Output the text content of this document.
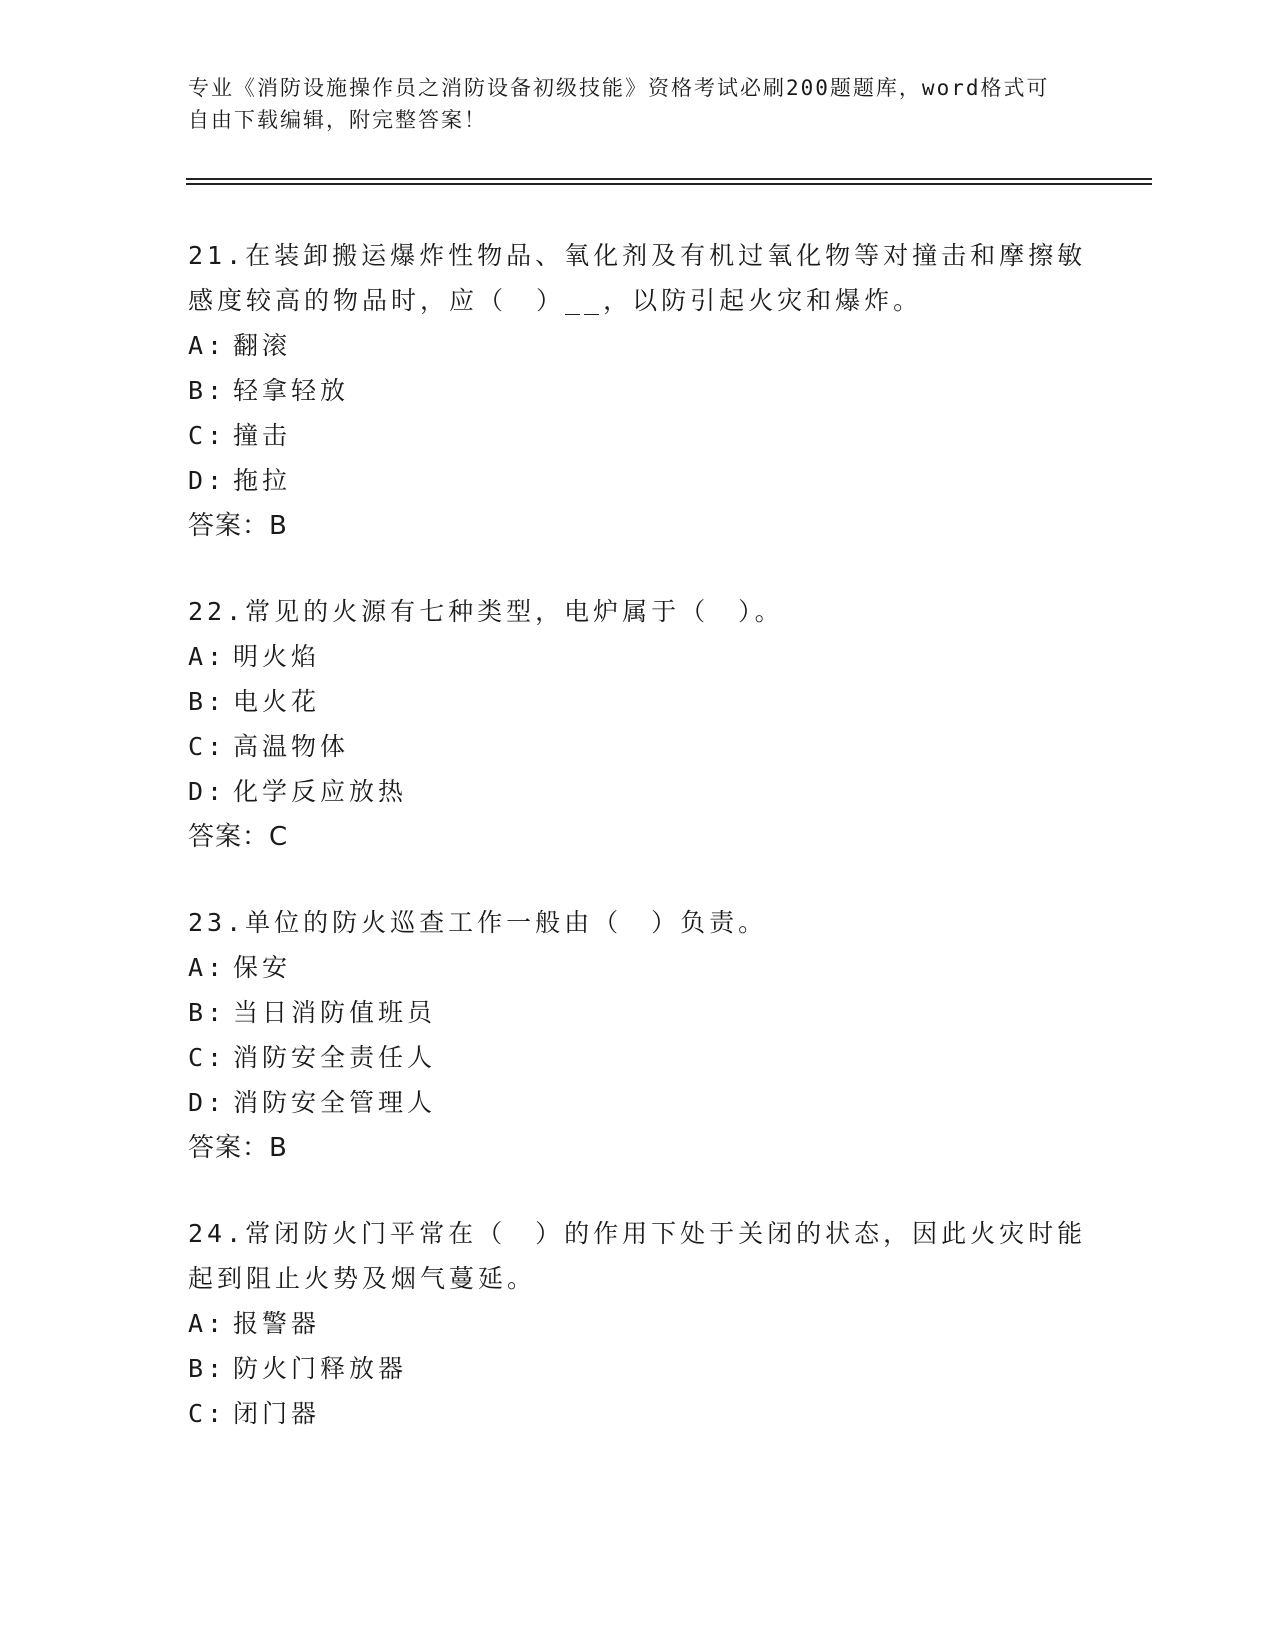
专业《消防设施操作员之消防设备初级技能》资格考试必刷200题题库，word格式可自由下载编辑，附完整答案！

21.在装卸搬运爆炸性物品、氧化剂及有机过氧化物等对撞击和摩擦敏感度较高的物品时，应（　）__，以防引起火灾和爆炸。

A: 翻滚
B: 轻拿轻放
C: 撞击
D: 拖拉
答案：B

22.常见的火源有七种类型，电炉属于（　）。

A: 明火焰
B: 电火花
C: 高温物体
D: 化学反应放热
答案：C

23.单位的防火巡查工作一般由（　）负责。

A: 保安
B: 当日消防值班员
C: 消防安全责任人
D: 消防安全管理人
答案：B

24.常闭防火门平常在（　）的作用下处于关闭的状态，因此火灾时能起到阻止火势及烟气蔓延。

A: 报警器
B: 防火门释放器
C: 闭门器
